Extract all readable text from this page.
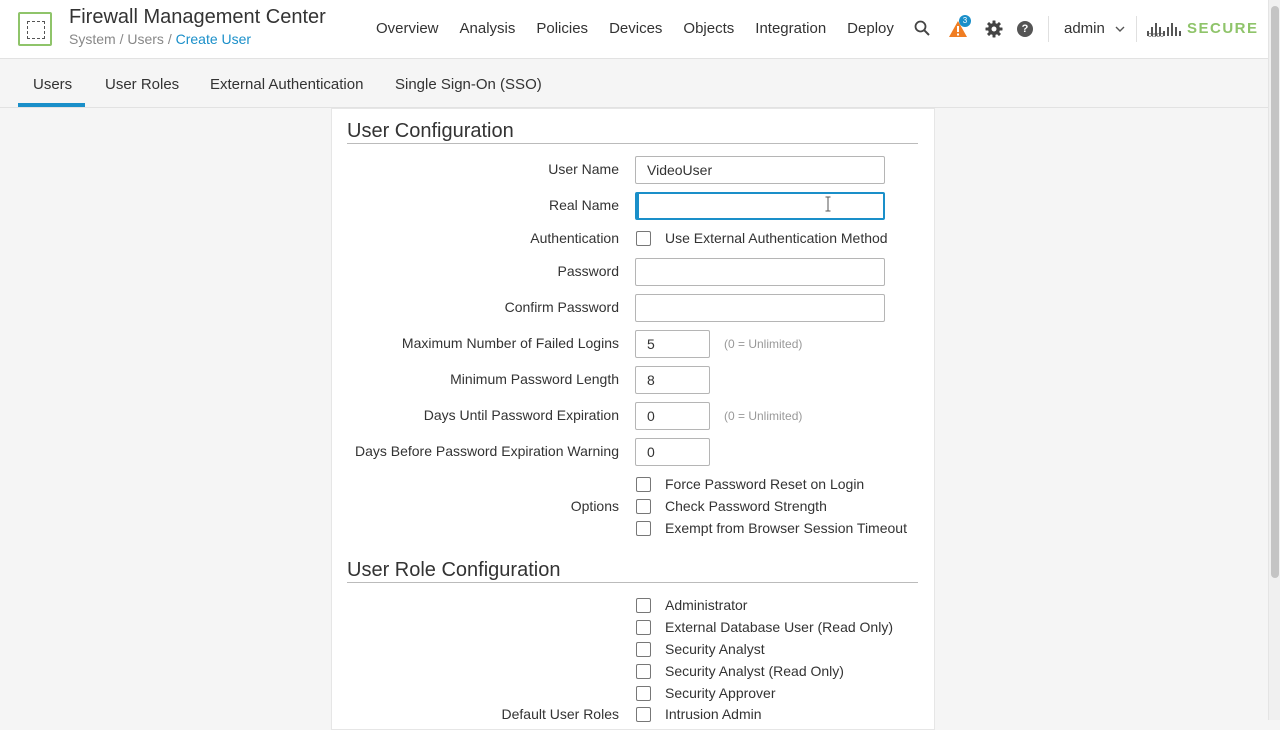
Firewall Management Center
System / Users / Create User
Overview Analysis Policies Devices Objects Integration Deploy	3
?	admin	SECURE
cisco
Users User Roles External Authentication Single Sign-On (SSO)
User Configuration
User Name	VideoUser
Real Name
Authentication	Use External Authentication Method
Password
Confirm Password
Maximum Number of Failed Logins	5	(0 = Unlimited)
Minimum Password Length	8
Days Until Password Expiration	0	(0 = Unlimited)
Days Before Password Expiration Warning	0
Options
Force Password Reset on Login
Check Password Strength
Exempt from Browser Session Timeout
User Role Configuration
Administrator
External Database User (Read Only)
Security Analyst
Security Analyst (Read Only)
Security Approver
Default User Roles	Intrusion Admin
